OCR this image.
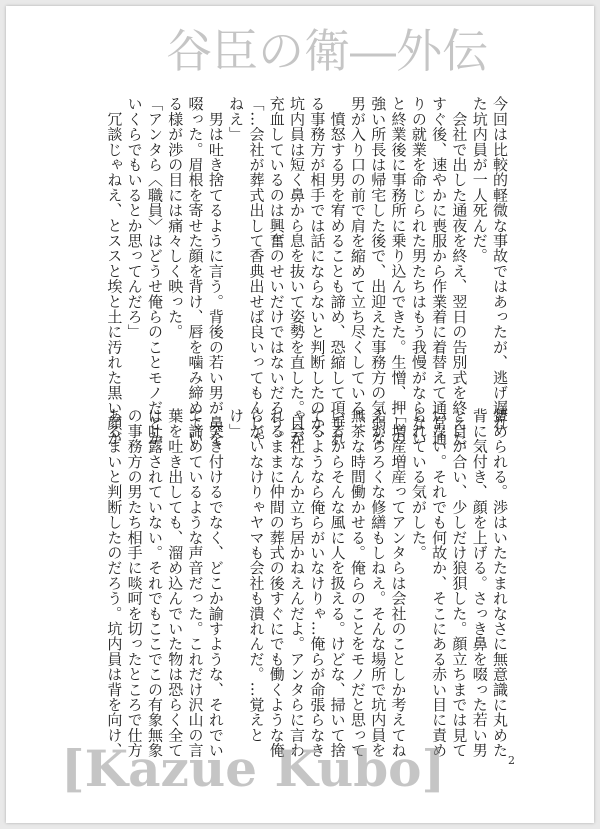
今回は比較的軽微な事故ではあったが、逃げ遅れ
た坑内員が一人死んだ。
　会社で出した通夜を終え、翌日の告別式を終えた
すぐ後、速やかに喪服から作業着に着替えて通常通
りの就業を命じられた男たちはもう我慢がならない
と終業後に事務所に乗り込んできた。生憎、押しの
強い所長は帰宅した後で、出迎えた事務方の気弱な
男が入り口の前で肩を縮めて立ち尽くしている。
　憤怒する男を宥めることも諦め、恐縮して項垂れ
る事務方が相手では話にならないと判断したのか、
坑内員は短く鼻から息を抜いて姿勢を直した。目が
充血しているのは興奮のせいだけではないだろう。
「…会社が葬式出して香典出せば良いってもんじゃ
ねえ」
　男は吐き捨てるように言う。背後の若い男が鼻を
啜った。眉根を寄せた顔を背け、唇を噛み締めてい
る様が渉の目には痛々しく映った。
「アンタら〈職員〉はどうせ俺らのことモノだとか
いくらでもいるとか思ってんだろ」
　冗談じゃねえ、とススと埃と土に汚れた黒い顔が
顰められる。渉はいたたまれなさに無意識に丸めた
背に気付き、顔を上げる。さっき鼻を啜った若い男
と目が合い、少しだけ狼狽した。顔立ちまでは見て
いない。それでも何故か、そこにある赤い目に責め
られている気がした。
「増産増産ってアンタらは会社のことしか考えてね
えからろくな修繕もしねえ。そんな場所で坑内員を
無茶な時間働かせる。俺らのことをモノだと思って
いるからそんな風に人を扱える。けどな、掃いて捨
てるようなら俺らがいなけりゃ…俺らが命張らなき
ゃ会社なんか立ち居かねえんだよ。アンタらに言わ
れるままに仲間の葬式の後すぐにでも働くような俺
らがいなけりゃヤマも会社も潰れんだ。…覚えと
け」
　突き付けるでなく、どこか諭すような、それでい
て諦めているような声音だった。これだけ沢山の言
葉を吐き出しても、溜め込んでいた物は恐らく全て
は吐露されていない。それでもここでこの有象無象
の事務方の男たち相手に啖呵を切ったところで仕方
あるまいと判断したのだろう。坑内員は背を向け、
谷臣の衛―外伝
[Kazue Kubo]	2
